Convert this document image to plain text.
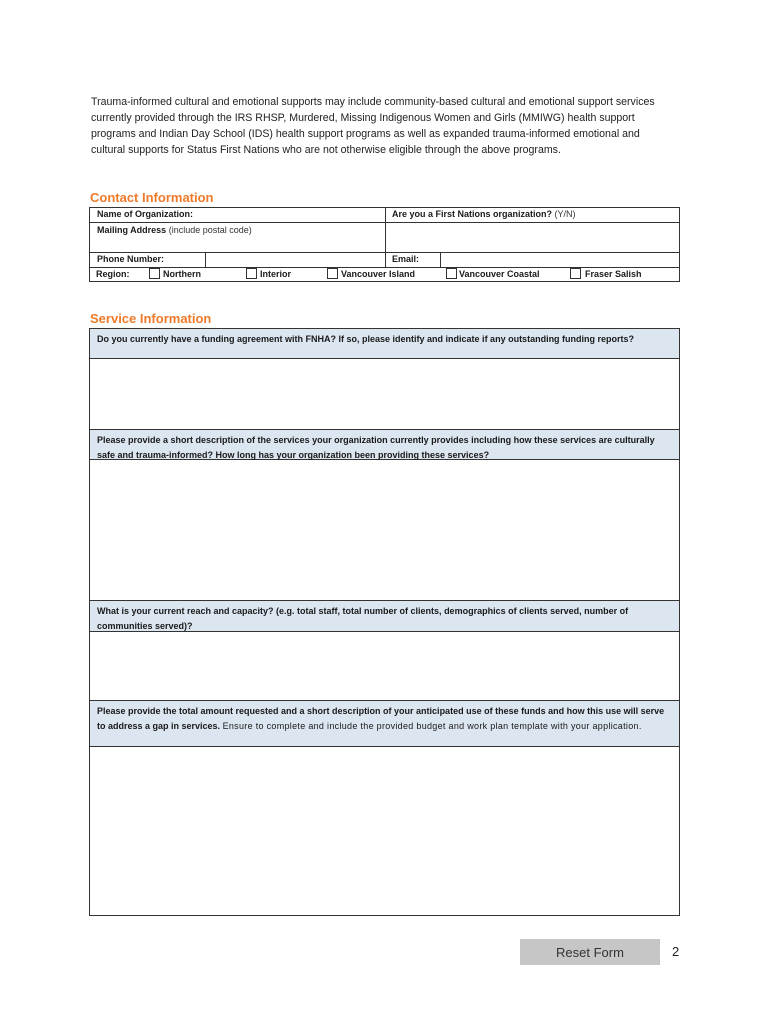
Trauma-informed cultural and emotional supports may include community-based cultural and emotional support services currently provided through the IRS RHSP, Murdered, Missing Indigenous Women and Girls (MMIWG) health support programs and Indian Day School (IDS) health support programs as well as expanded trauma-informed emotional and cultural supports for Status First Nations who are not otherwise eligible through the above programs.
Contact Information
Name of Organization:	Are you a First Nations organization? (Y/N)
Mailing Address (include postal code)
Phone Number:	Email:
Region:	Northern	Interior	Vancouver Island	Vancouver Coastal	Fraser Salish
Service Information
Do you currently have a funding agreement with FNHA? If so, please identify and indicate if any outstanding funding reports?
Please provide a short description of the services your organization currently provides including how these services are culturally safe and trauma-informed? How long has your organization been providing these services?
What is your current reach and capacity? (e.g. total staff, total number of clients, demographics of clients served, number of communities served)?
Please provide the total amount requested and a short description of your anticipated use of these funds and how this use will serve to address a gap in services. Ensure to complete and include the provided budget and work plan template with your application.
Reset Form	2
